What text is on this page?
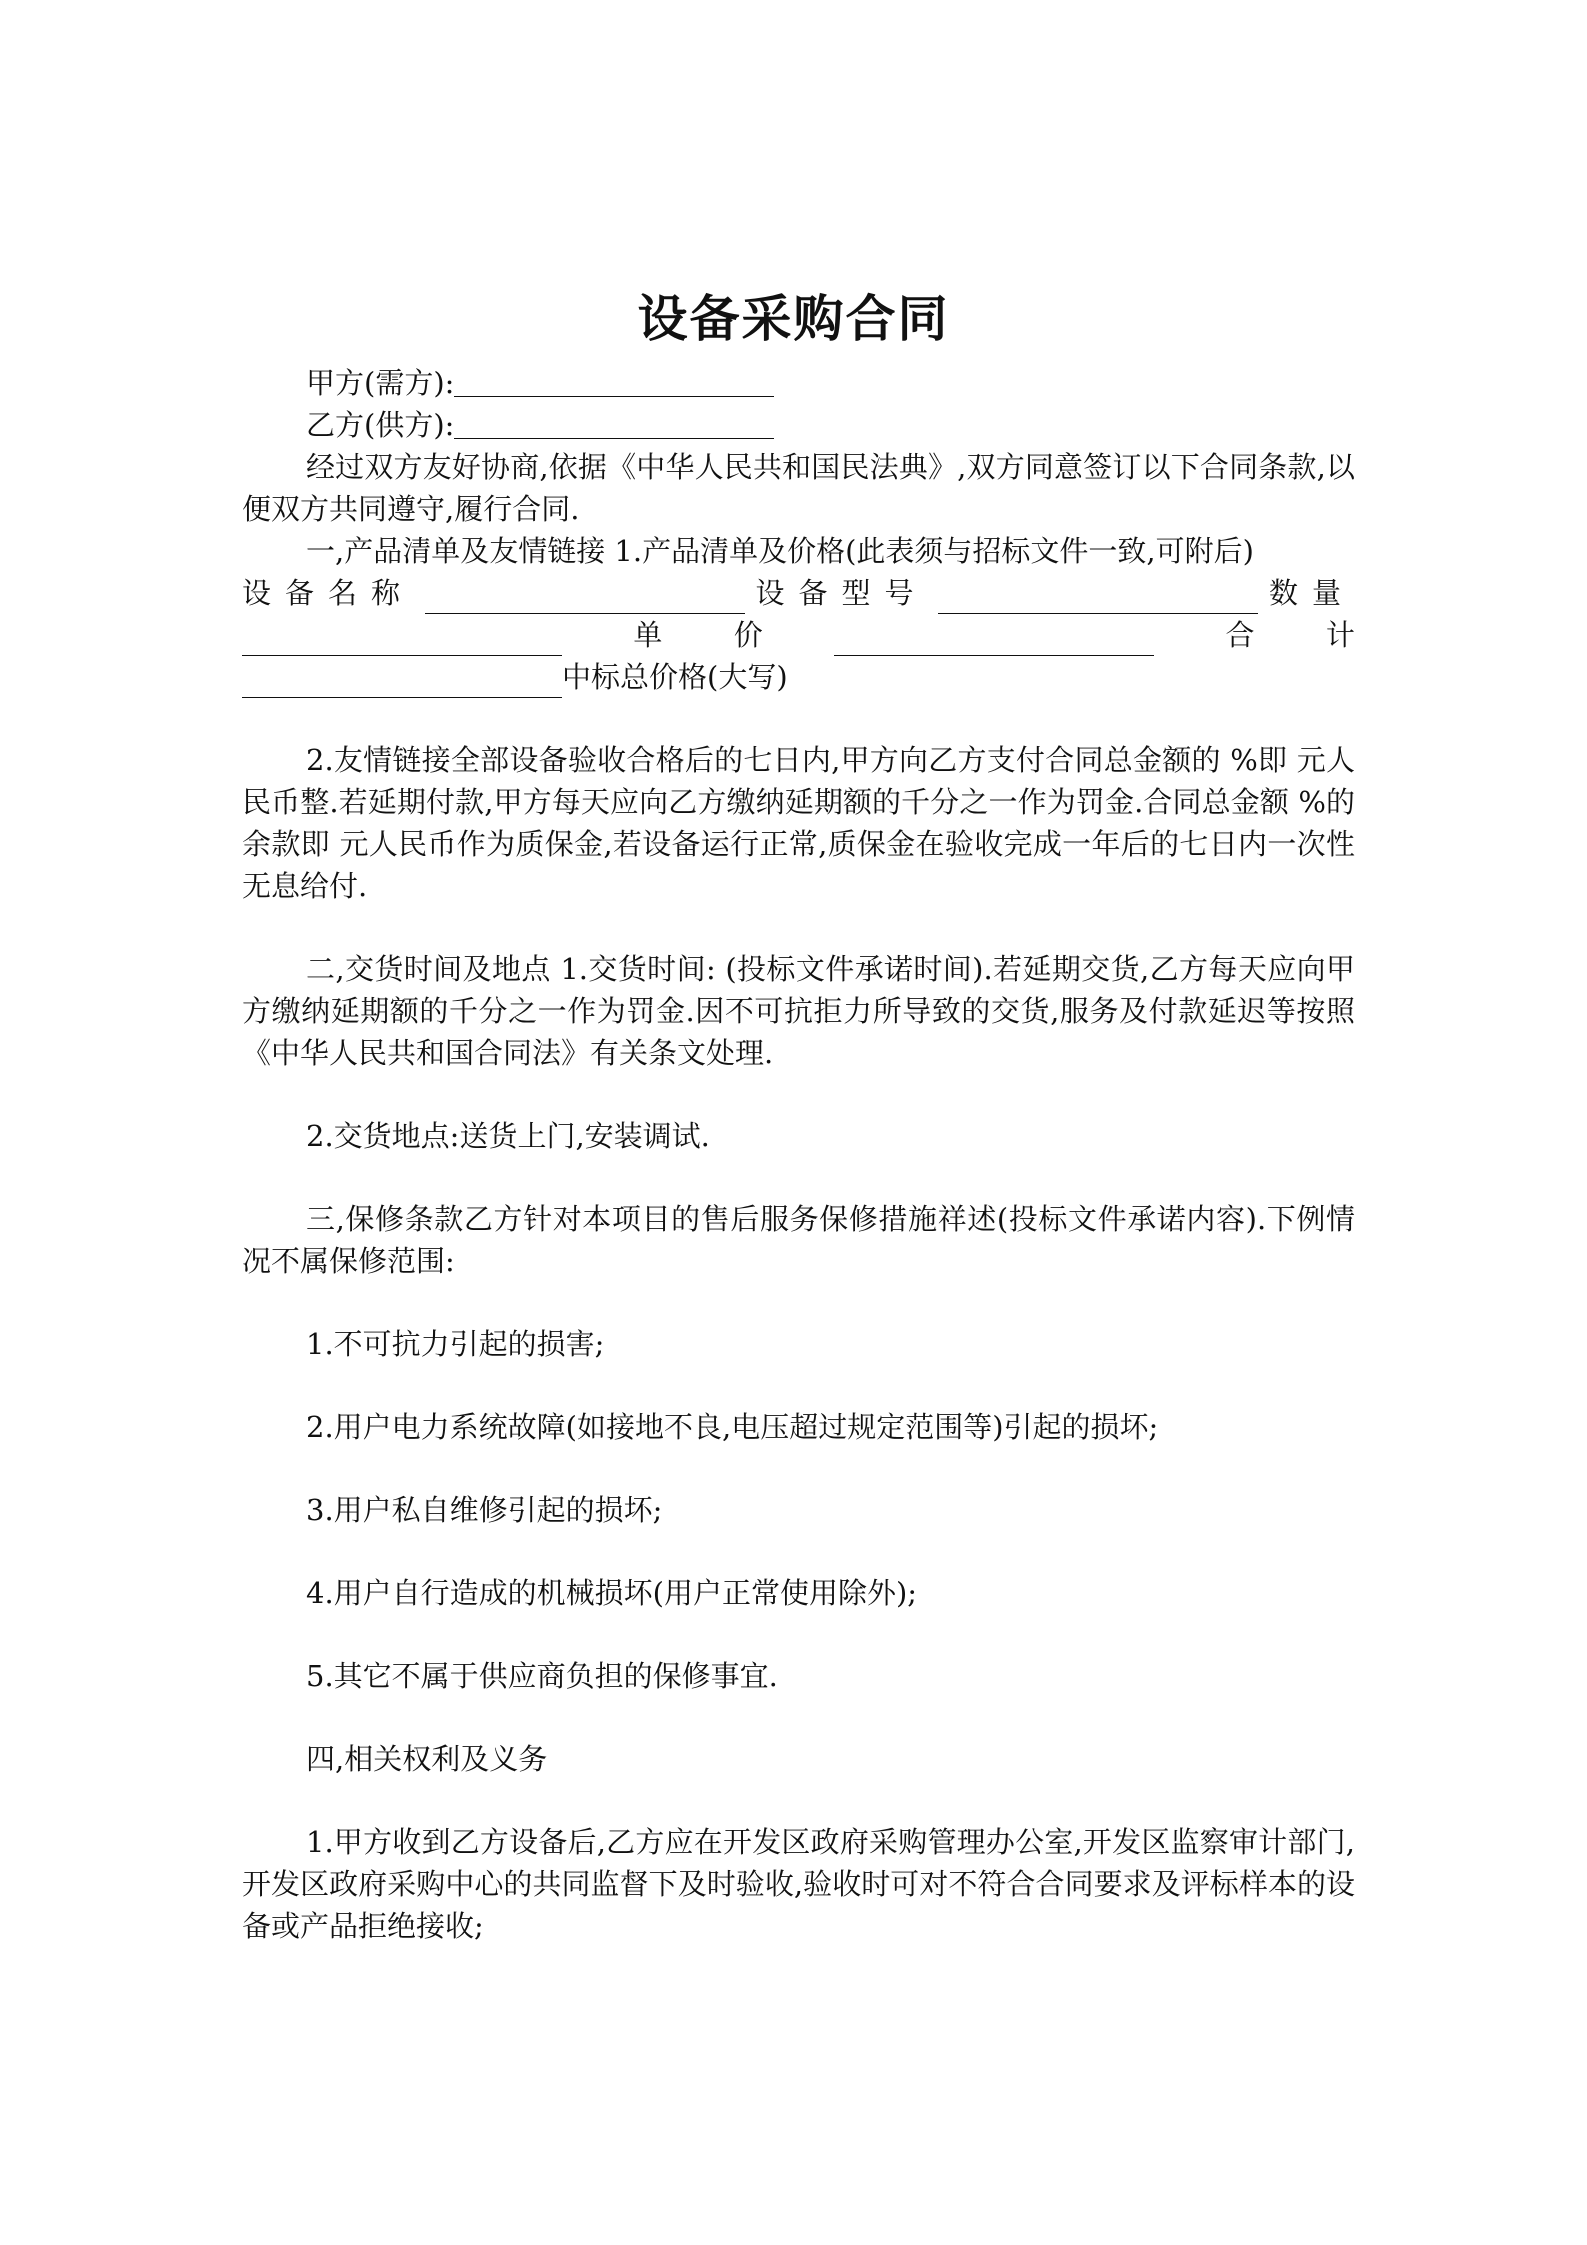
设备采购合同

甲方(需方):

乙方(供方):

经过双方友好协商,依据《中华人民共和国民法典》,双方同意签订以下合同条款,以便双方共同遵守,履行合同.

一,产品清单及友情链接 1.产品清单及价格(此表须与招标文件一致,可附后)

设备名称	设备型号	数量
单 价	合 计
中标总价格(大写)

2.友情链接全部设备验收合格后的七日内,甲方向乙方支付合同总金额的 %即 元人民币整.若延期付款,甲方每天应向乙方缴纳延期额的千分之一作为罚金.合同总金额 %的余款即 元人民币作为质保金,若设备运行正常,质保金在验收完成一年后的七日内一次性无息给付.

二,交货时间及地点 1.交货时间: (投标文件承诺时间).若延期交货,乙方每天应向甲方缴纳延期额的千分之一作为罚金.因不可抗拒力所导致的交货,服务及付款延迟等按照《中华人民共和国合同法》有关条文处理.

2.交货地点:送货上门,安装调试.

三,保修条款乙方针对本项目的售后服务保修措施祥述(投标文件承诺内容).下例情况不属保修范围:

1.不可抗力引起的损害;

2.用户电力系统故障(如接地不良,电压超过规定范围等)引起的损坏;

3.用户私自维修引起的损坏;

4.用户自行造成的机械损坏(用户正常使用除外);

5.其它不属于供应商负担的保修事宜.

四,相关权利及义务

1.甲方收到乙方设备后,乙方应在开发区政府采购管理办公室,开发区监察审计部门,开发区政府采购中心的共同监督下及时验收,验收时可对不符合合同要求及评标样本的设备或产品拒绝接收;
